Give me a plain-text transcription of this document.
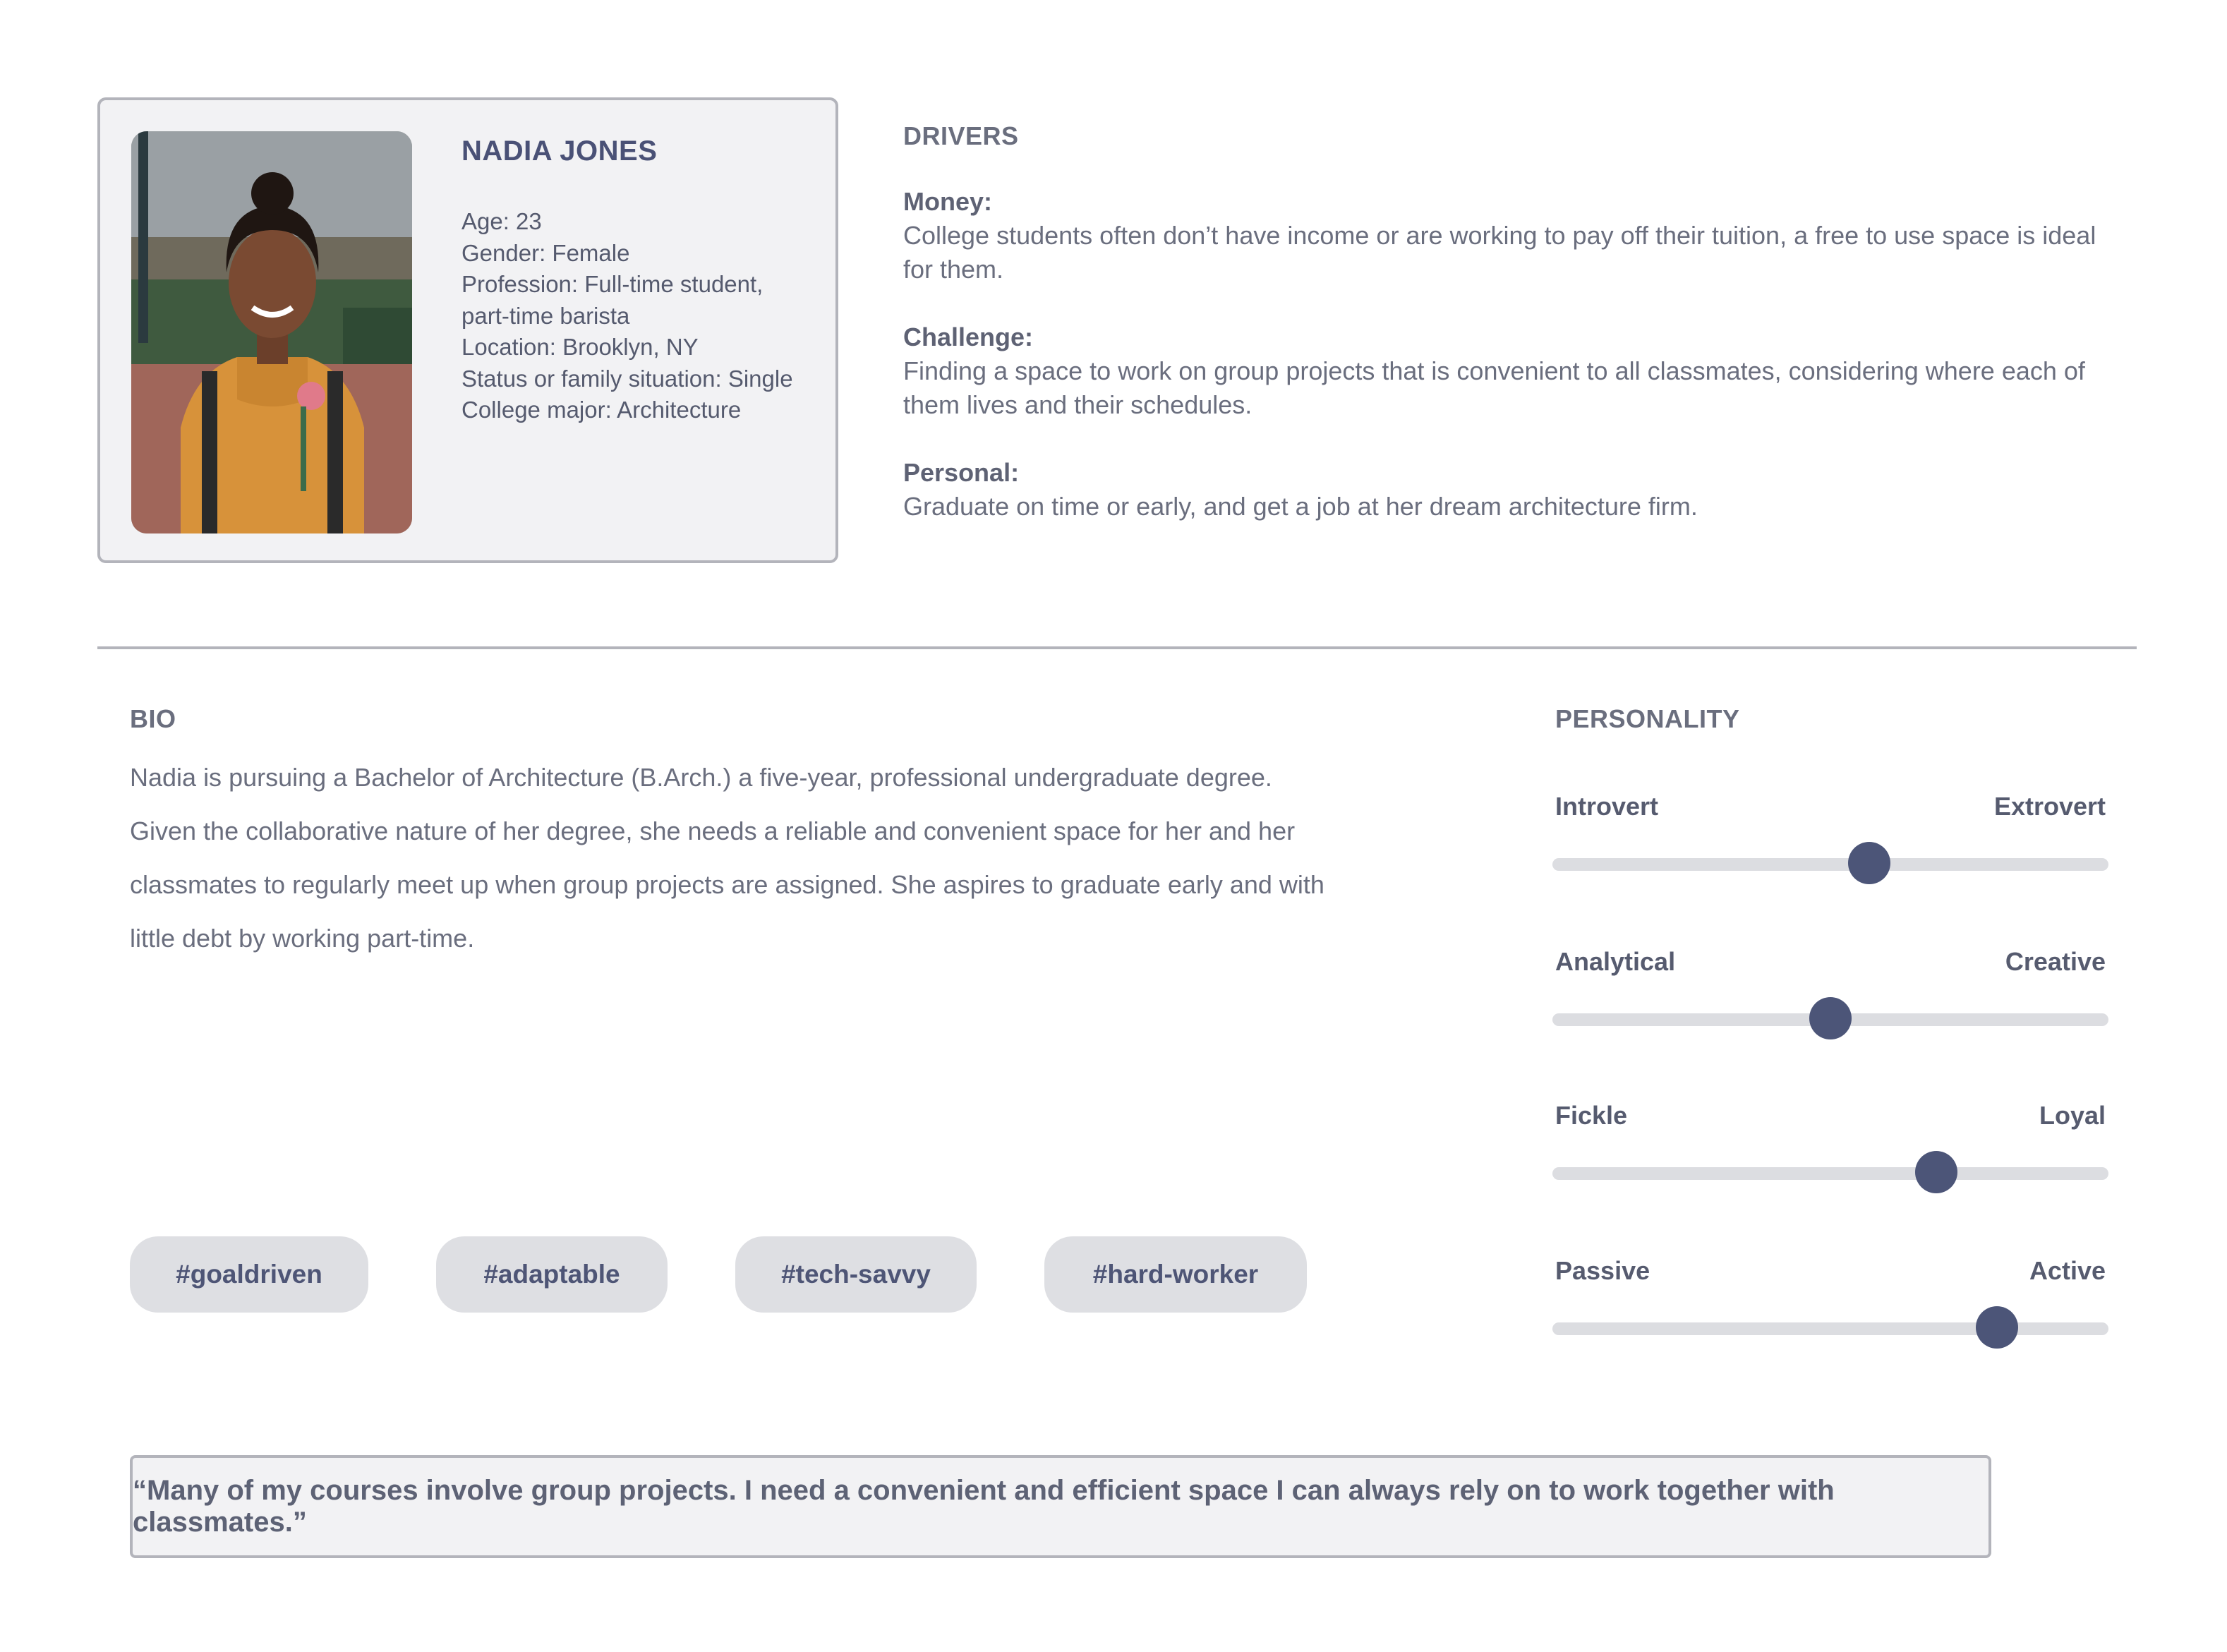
NADIA JONES
Age: 23
Gender: Female
Profession: Full-time student,
part-time barista
Location: Brooklyn, NY
Status or family situation: Single
College major: Architecture
DRIVERS
Money:
College students often don’t have income or are working to pay off their tuition, a free to use space is ideal for them.
Challenge:
Finding a space to work on group projects that is convenient to all classmates, considering where each of them lives and their schedules.
Personal:
Graduate on time or early, and get a job at her dream architecture firm.
BIO
Nadia is pursuing a Bachelor of Architecture (B.Arch.) a five-year, professional undergraduate degree. Given the collaborative nature of her degree, she needs a reliable and convenient space for her and her classmates to regularly meet up when group projects are assigned. She aspires to graduate early and with little debt by working part-time.
#goaldriven	#adaptable	#tech-savvy	#hard-worker
PERSONALITY
Introvert	Extrovert
Analytical	Creative
Fickle	Loyal
Passive	Active
“Many of my courses involve group projects. I need a convenient and efficient space I can always rely on to work together with classmates.”
